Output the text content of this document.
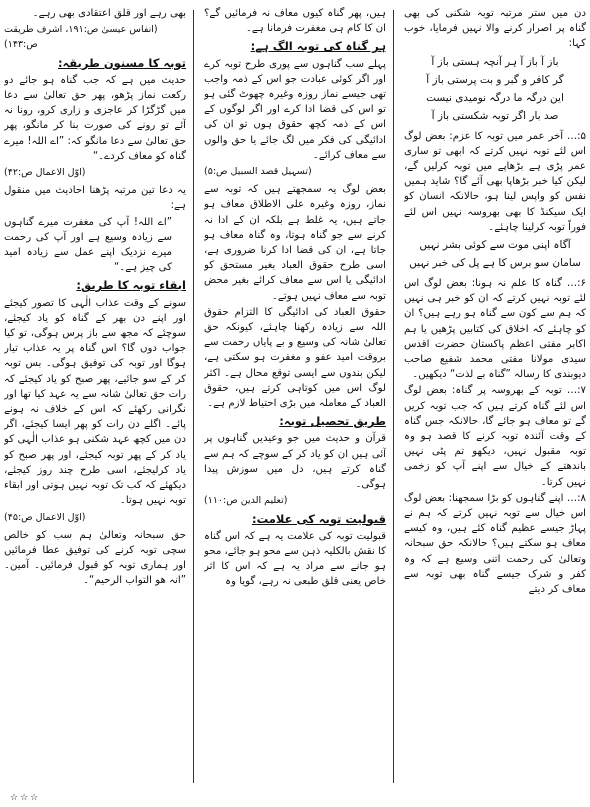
دن میں ستر مرتبہ توبہ شکنی کی بھی گناہ پر اصرار کرنے والا نہیں فرمایا، خوب کہا:

باز آ باز آ ہر آنچہ ہستی باز آ

گر کافر و گبر و بت پرستی باز آ

این درگہ ما درگہ نومیدی نیست

صد بار اگر توبہ شکستی باز آ

۵:… آخر عمر میں توبہ کا عزم: بعض لوگ اس لئے توبہ نہیں کرتے کہ ابھی تو ساری عمر پڑی ہے بڑھاپے میں توبہ کرلیں گے، لیکن کیا خبر بڑھاپا بھی آئے گا؟ شاید ہمیں نفس کو واپس لینا ہو، حالانکہ انسان کو ایک سیکنڈ کا بھی بھروسہ نہیں اس لئے فوراً توبہ کرلینا چاہئے۔

آگاہ اپنی موت سے کوئی بشر نہیں

سامان سو برس کا ہے پل کی خبر نہیں

۶:… گناہ کا علم نہ ہونا: بعض لوگ اس لئے توبہ نہیں کرتے کہ ان کو خبر ہی نہیں کہ ہم سے کون سے گناہ ہو رہے ہیں؟ ان کو چاہئے کہ اخلاق کی کتابیں پڑھیں یا ہم اکابر مفتی اعظم پاکستان حضرت اقدس سیدی مولانا مفتی محمد شفیع صاحب دیوبندی کا رسالہ ”گناہ بے لذت“ دیکھیں۔

۷:… توبہ کے بھروسہ پر گناہ: بعض لوگ اس لئے گناہ کرتے ہیں کہ جب توبہ کریں گے تو معاف ہو جائے گا، حالانکہ جس گناہ کے وقت آئندہ توبہ کرنے کا قصد ہو وہ توبہ مقبول نہیں، دیکھو تم پٹی نہیں باندھتے کے خیال سے اپنے آپ کو زخمی نہیں کرتا۔

۸:… اپنے گناہوں کو بڑا سمجھنا: بعض لوگ اس خیال سے توبہ نہیں کرتے کہ ہم نے پہاڑ جیسے عظیم گناہ کئے ہیں، وہ کیسے معاف ہو سکتے ہیں؟ حالانکہ حق سبحانہ وتعالیٰ کی رحمت اتنی وسیع ہے کہ وہ کفر و شرک جیسے گناہ بھی توبہ سے معاف کر دیتے

ہیں، پھر گناہ کیوں معاف نہ فرمائیں گے؟ ان کا کام ہی مغفرت فرمانا ہے۔

ہر گناہ کی توبہ الگ ہے:

پہلے سب گناہوں سے پوری طرح توبہ کرے اور اگر کوئی عبادت جو اس کے ذمہ واجب تھی جیسے نماز روزہ وغیرہ چھوٹ گئی ہو تو اس کی قضا ادا کرے اور اگر لوگوں کے اس کے ذمہ کچھ حقوق ہوں تو ان کی ادائیگی کی فکر میں لگ جائے یا حق والوں سے معاف کرائے۔

(تسہیل قصد السبیل ص:۵)

بعض لوگ یہ سمجھتے ہیں کہ توبہ سے نماز، روزہ وغیرہ علی الاطلاق معاف ہو جاتے ہیں، یہ غلط ہے بلکہ ان کے ادا نہ کرنے سے جو گناہ ہوتا، وہ گناہ معاف ہو جاتا ہے، ان کی قضا ادا کرنا ضروری ہے، اسی طرح حقوق العباد بغیر مستحق کو ادائیگی یا اس سے معاف کرائے بغیر محض توبہ سے معاف نہیں ہوتے۔

حقوق العباد کی ادائیگی کا التزام حقوق اللہ سے زیادہ رکھنا چاہئے، کیونکہ حق تعالیٰ شانہ کی وسیع و بے پایاں رحمت سے بروقت امید عفو و مغفرت ہو سکتی ہے، لیکن بندوں سے ایسی توقع محال ہے۔ اکثر لوگ اس میں کوتاہی کرتے ہیں، حقوق العباد کے معاملہ میں بڑی احتیاط لازم ہے۔

طریق تحصیل توبہ:

قرآن و حدیث میں جو وعیدیں گناہوں پر آئی ہیں ان کو یاد کر کے سوچے کہ ہم سے گناہ کرتے ہیں، دل میں سوزش پیدا ہوگی۔

(تعلیم الدین ص:۱۱۰)
قبولیت توبہ کی علامت:

قبولیت توبہ کی علامت یہ ہے کہ اس گناہ کا نقش بالکلیہ ذہن سے محو ہو جائے، محو ہو جانے سے مراد یہ ہے کہ اس کا اثر خاص یعنی قلق طبعی نہ رہے، گویا وہ

بھی رہے اور قلق اعتقادی بھی رہے۔

(انفاس عیسیٰ ص:۱۹۱، اشرف طریقت ص:۱۴۳)
توبہ کا مسنون طریقہ:

حدیث میں ہے کہ جب گناہ ہو جائے دو رکعت نماز پڑھو، پھر حق تعالیٰ سے دعا میں گڑگڑا کر عاجزی و زاری کرو، رونا نہ آئے تو رونے کی صورت بنا کر مانگو، پھر حق تعالیٰ سے دعا مانگو کہ: ”اے اللہ! میرے گناہ کو معاف کردے۔“

(اوّل الاعمال ص:۴۲)

یہ دعا تین مرتبہ پڑھنا احادیث میں منقول ہے:

”اے اللہ! آپ کی مغفرت میرے گناہوں سے زیادہ وسیع ہے اور آپ کی رحمت میرے نزدیک اپنے عمل سے زیادہ امید کی چیز ہے۔“

ابقاء توبہ کا طریق:

سونے کے وقت عذاب الٰہی کا تصور کیجئے اور اپنے دن بھر کے گناہ کو یاد کیجئے، سوچئے کہ مجھ سے باز پرس ہوگی، تو کیا جواب دوں گا؟ اس گناہ پر یہ عذاب تیار ہوگا اور توبہ کی توفیق ہوگی۔ بس توبہ کر کے سو جائیے، پھر صبح کو یاد کیجئے کہ رات حق تعالیٰ شانہ سے یہ عہد کیا تھا اور نگرانی رکھئے کہ اس کے خلاف نہ ہونے پائے۔ اگلے دن رات کو پھر ایسا کیجئے، اگر دن میں کچھ عہد شکنی ہو عذاب الٰہی کو یاد کر کے پھر توبہ کیجئے، اور پھر صبح کو یاد کرلیجئے، اسی طرح چند روز کیجئے، دیکھئے کہ کب تک توبہ نہیں ہوتی اور ابقاء توبہ نہیں ہوتا۔

(اوّل الاعمال ص:۴۵)

حق سبحانہ وتعالیٰ ہم سب کو خالص سچی توبہ کرنے کی توفیق عطا فرمائیں اور ہماری توبہ کو قبول فرمائیں۔ آمین۔ ”انہ ھو التواب الرحیم“۔

☆☆☆
